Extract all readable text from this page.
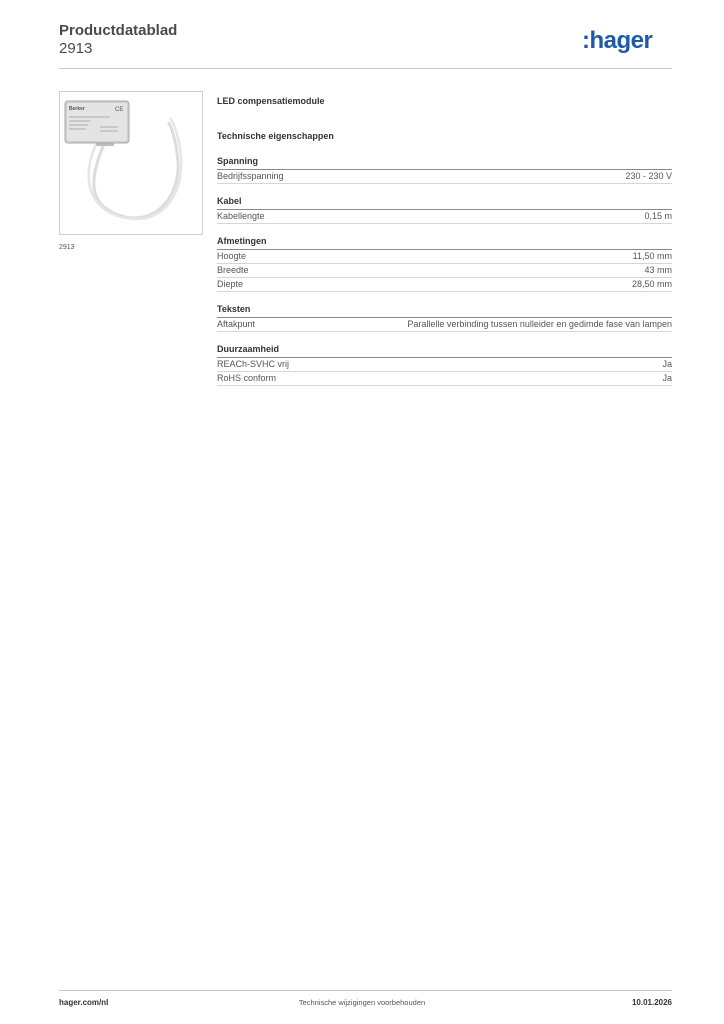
Productdatablad

2913	:hager
Berker	CE
2913
LED compensatiemodule
Technische eigenschappen
Spanning
Bedrijfsspanning	230 - 230 V
Kabel
Kabellengte	0,15 m
Afmetingen
Hoogte	11,50 mm
Breedte	43 mm
Diepte	28,50 mm
Teksten
Aftakpunt	Parallelle verbinding tussen nulleider en gedimde fase van lampen
Duurzaamheid
REACh-SVHC vrij	Ja
RoHS conform	Ja
hager.com/nl	Technische wijzigingen voorbehouden	10.01.2026
